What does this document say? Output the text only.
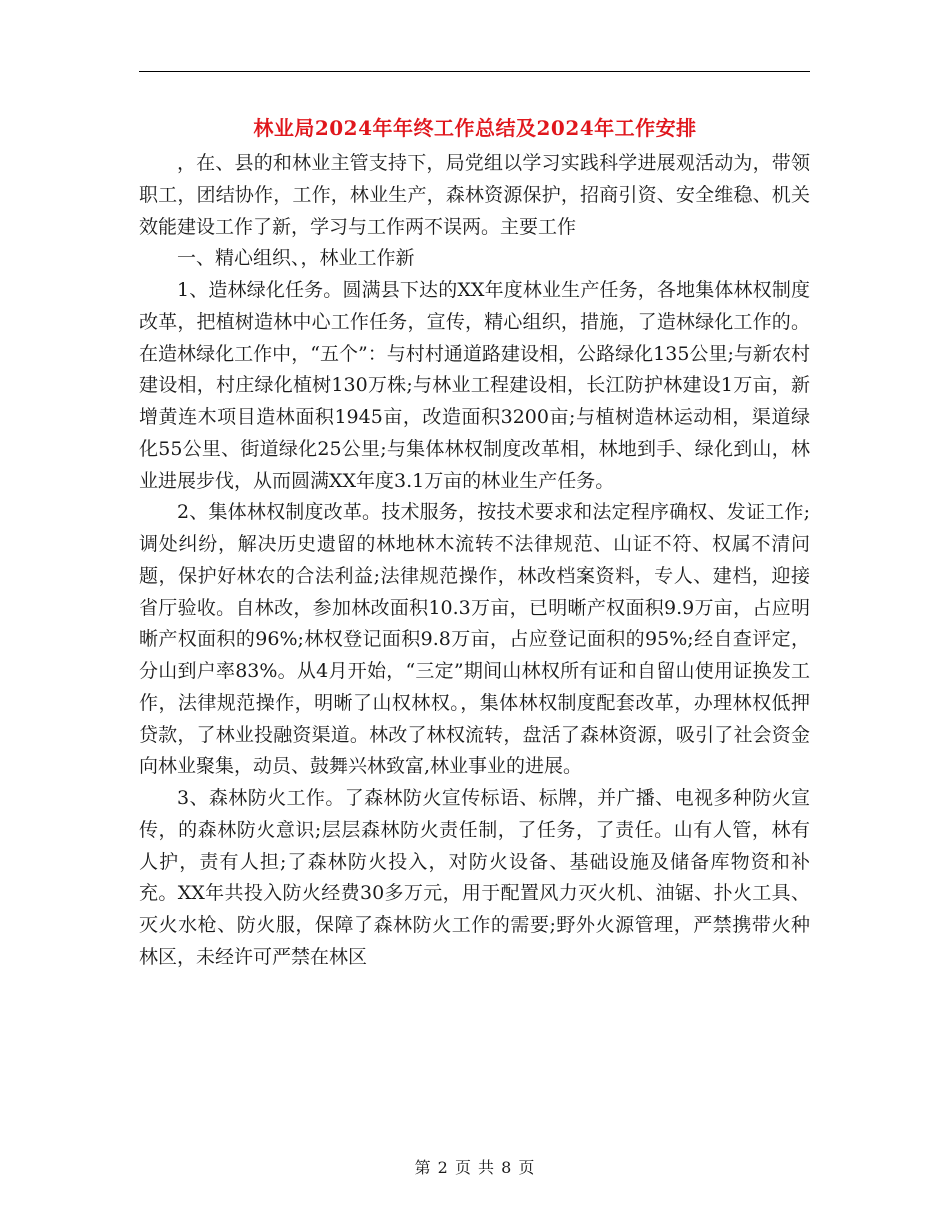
林业局2024年年终工作总结及2024年工作安排

，在、县的和林业主管支持下，局党组以学习实践科学进展观活动为，带领职工，团结协作，工作，林业生产，森林资源保护，招商引资、安全维稳、机关效能建设工作了新，学习与工作两不误两。主要工作

一、精心组织、，林业工作新

1、造林绿化任务。圆满县下达的XX年度林业生产任务，各地集体林权制度改革，把植树造林中心工作任务，宣传，精心组织，措施，了造林绿化工作的。在造林绿化工作中，“五个”：与村村通道路建设相，公路绿化135公里;与新农村建设相，村庄绿化植树130万株;与林业工程建设相，长江防护林建设1万亩，新增黄连木项目造林面积1945亩，改造面积3200亩;与植树造林运动相，渠道绿化55公里、街道绿化25公里;与集体林权制度改革相，林地到手、绿化到山，林业进展步伐，从而圆满XX年度3.1万亩的林业生产任务。

2、集体林权制度改革。技术服务，按技术要求和法定程序确权、发证工作;调处纠纷，解决历史遗留的林地林木流转不法律规范、山证不符、权属不清问题，保护好林农的合法利益;法律规范操作，林改档案资料，专人、建档，迎接省厅验收。自林改，参加林改面积10.3万亩，已明晰产权面积9.9万亩，占应明晰产权面积的96%;林权登记面积9.8万亩，占应登记面积的95%;经自查评定，分山到户率83%。从4月开始，“三定”期间山林权所有证和自留山使用证换发工作，法律规范操作，明晰了山权林权。，集体林权制度配套改革，办理林权低押贷款，了林业投融资渠道。林改了林权流转，盘活了森林资源，吸引了社会资金向林业聚集，动员、鼓舞兴林致富,林业事业的进展。

3、森林防火工作。了森林防火宣传标语、标牌，并广播、电视多种防火宣传，的森林防火意识;层层森林防火责任制，了任务，了责任。山有人管，林有人护，责有人担;了森林防火投入，对防火设备、基础设施及储备库物资和补充。XX年共投入防火经费30多万元，用于配置风力灭火机、油锯、扑火工具、灭火水枪、防火服，保障了森林防火工作的需要;野外火源管理，严禁携带火种林区，未经许可严禁在林区

第 2 页 共 8 页
